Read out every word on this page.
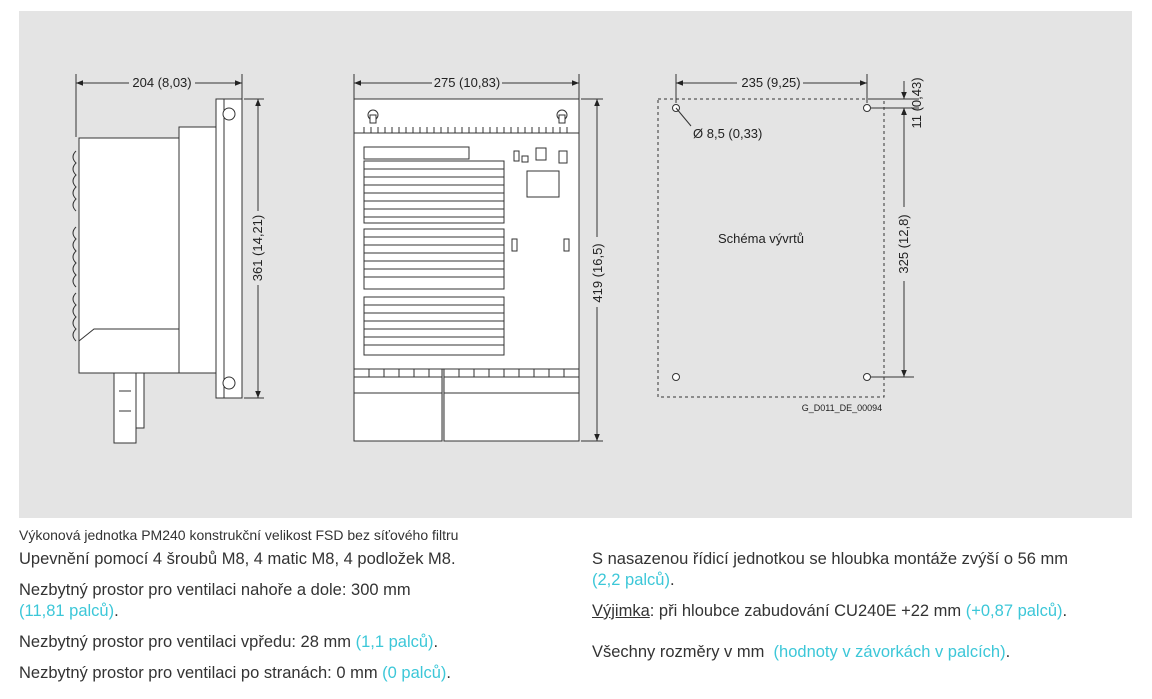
204 (8,03)
361 (14,21)
275 (10,83)
419 (16,5)
235 (9,25)
Ø 8,5 (0,33)
11 (0,43)
325 (12,8)
Schéma vývrtů
G_D011_DE_00094
Výkonová jednotka PM240 konstrukční velikost FSD bez síťového filtru

Upevnění pomocí 4 šroubů M8, 4 matic M8, 4 podložek M8.

Nezbytný prostor pro ventilaci nahoře a dole: 300 mm
(11,81 palců).

Nezbytný prostor pro ventilaci vpředu: 28 mm (1,1 palců).

Nezbytný prostor pro ventilaci po stranách: 0 mm (0 palců).

S nasazenou řídicí jednotkou se hloubka montáže zvýší o 56 mm
(2,2 palců).

Výjimka: při hloubce zabudování CU240E +22 mm (+0,87 palců).

Všechny rozměry v mm (hodnoty v závorkách v palcích).
